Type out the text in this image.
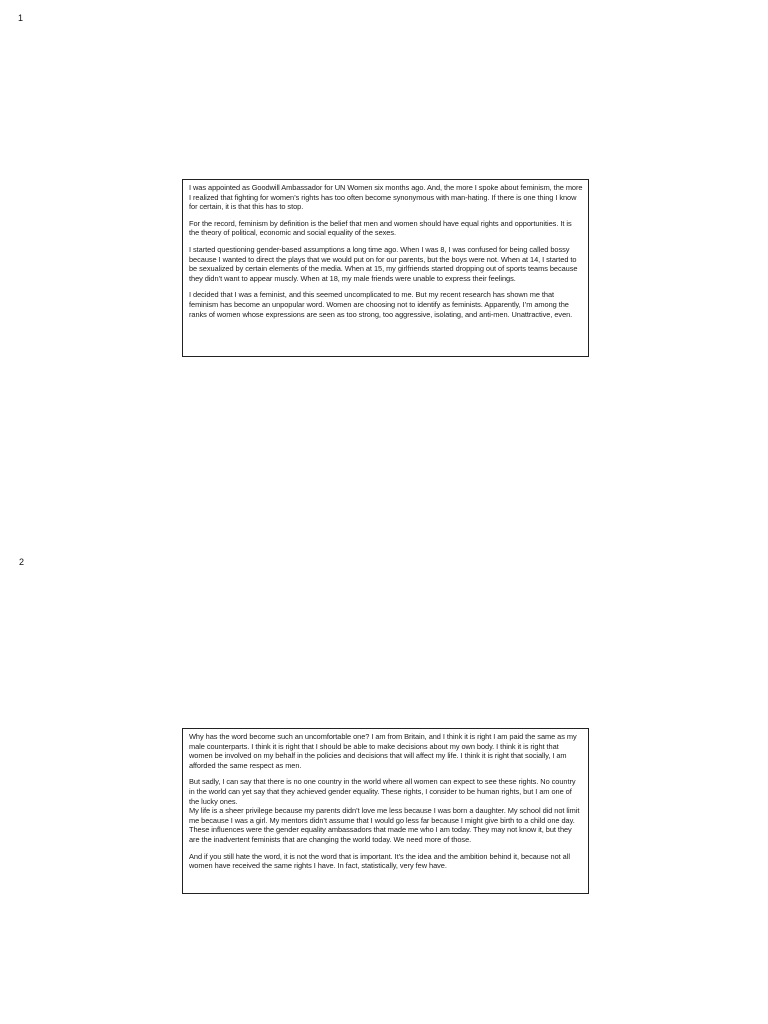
1

I was appointed as Goodwill Ambassador for UN Women six months ago. And, the more I spoke about feminism, the more I realized that fighting for women’s rights has too often become synonymous with man-hating. If there is one thing I know for certain, it is that this has to stop.

For the record, feminism by definition is the belief that men and women should have equal rights and opportunities. It is the theory of political, economic and social equality of the sexes.

I started questioning gender-based assumptions a long time ago. When I was 8, I was confused for being called bossy because I wanted to direct the plays that we would put on for our parents, but the boys were not. When at 14, I started to be sexualized by certain elements of the media. When at 15, my girlfriends started dropping out of sports teams because they didn’t want to appear muscly. When at 18, my male friends were unable to express their feelings.

I decided that I was a feminist, and this seemed uncomplicated to me. But my recent research has shown me that feminism has become an unpopular word. Women are choosing not to identify as feminists. Apparently, I’m among the ranks of women whose expressions are seen as too strong, too aggressive, isolating, and anti-men. Unattractive, even.

2

Why has the word become such an uncomfortable one? I am from Britain, and I think it is right I am paid the same as my male counterparts. I think it is right that I should be able to make decisions about my own body. I think it is right that women be involved on my behalf in the policies and decisions that will affect my life. I think it is right that socially, I am afforded the same respect as men.

But sadly, I can say that there is no one country in the world where all women can expect to see these rights. No country in the world can yet say that they achieved gender equality. These rights, I consider to be human rights, but I am one of the lucky ones.
My life is a sheer privilege because my parents didn’t love me less because I was born a daughter. My school did not limit me because I was a girl. My mentors didn’t assume that I would go less far because I might give birth to a child one day. These influences were the gender equality ambassadors that made me who I am today. They may not know it, but they are the inadvertent feminists that are changing the world today. We need more of those.

And if you still hate the word, it is not the word that is important. It’s the idea and the ambition behind it, because not all women have received the same rights I have. In fact, statistically, very few have.
